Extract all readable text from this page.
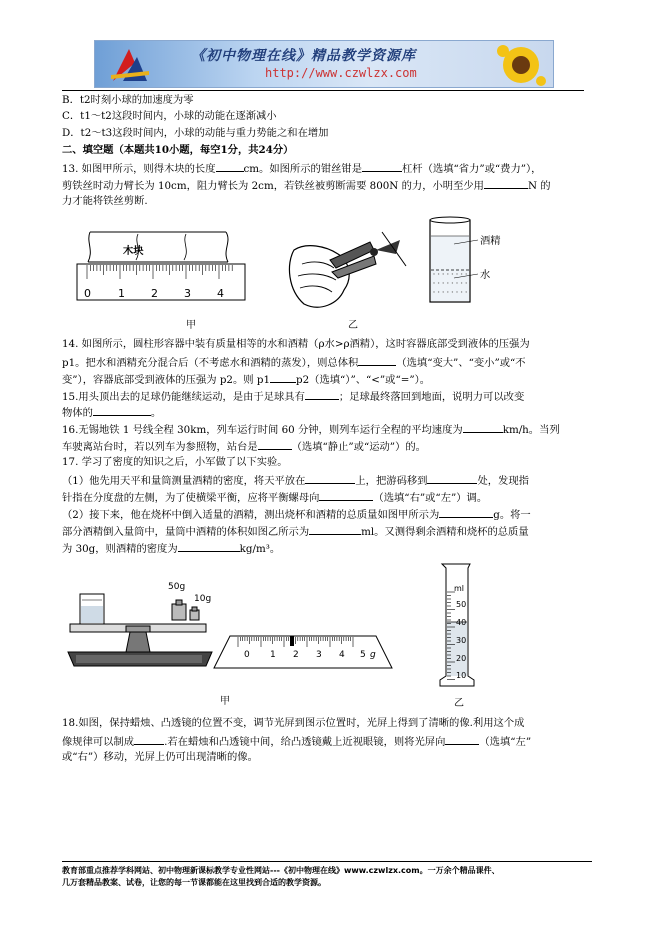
《初中物理在线》精品教学资源库
http://www.czwlzx.com
B．t2时刻小球的加速度为零
C．t1～t2这段时间内，小球的动能在逐渐减小
D．t2～t3这段时间内，小球的动能与重力势能之和在增加
二、填空题（本题共10小题，每空1分，共24分）
13. 如图甲所示，则得木块的长度	cm。如图所示的钳丝钳是	杠杆（选填“省力”或“费力”），
剪铁丝时动力臂长为 10cm，阻力臂长为 2cm，若铁丝被剪断需要 800N 的力，小明至少用	N 的
力才能将铁丝剪断.
木块
0 1 2 3 4
甲	乙
酒精
水
14. 如图所示，圆柱形容器中装有质量相等的水和酒精（ρ水>ρ酒精），这时容器底部受到液体的压强为
p1。把水和酒精充分混合后（不考虑水和酒精的蒸发），则总体积	（选填“变大”、“变小”或“不
变”），容器底部受到液体的压强为 p2。则 p1	p2（选填“）”、“<”或“=”）。
15.用头顶出去的足球仍能继续运动，是由于足球具有	；足球最终落回到地面，说明力可以改变
物体的	。
16.无锡地铁 1 号线全程 30km，列车运行时间 60 分钟，则列车运行全程的平均速度为	km/h。当列
车驶离站台时，若以列车为参照物，站台是	（选填“静止”或“运动”）的。
17. 学习了密度的知识之后，小军做了以下实验。
（1）他先用天平和量筒测量酒精的密度，将天平放在	上，把游码移到	处，发现指
针指在分度盘的左侧，为了使横梁平衡，应将平衡螺母向	（选填“右”或“左”）调。
（2）接下来，他在烧杯中倒入适量的酒精，测出烧杯和酒精的总质量如图甲所示为	g。将一
部分酒精倒入量筒中，量筒中酒精的体积如图乙所示为	ml。又测得剩余酒精和烧杯的总质量
为 30g，则酒精的密度为	kg/m³。
50g
10g
0 1 2 3 4 5 g
甲
ml
50
40
30
20
10
乙
18.如图，保持蜡烛、凸透镜的位置不变，调节光屏到图示位置时，光屏上得到了清晰的像.利用这个成
像规律可以制成	.若在蜡烛和凸透镜中间，给凸透镜戴上近视眼镜，则将光屏向	（选填“左”
或“右”）移动，光屏上仍可出现清晰的像。
教育部重点推荐学科网站、初中物理新课标教学专业性网站---《初中物理在线》www.czwlzx.com。一万余个精品课件、
几万套精品教案、试卷，让您的每一节课都能在这里找到合适的教学资源。
